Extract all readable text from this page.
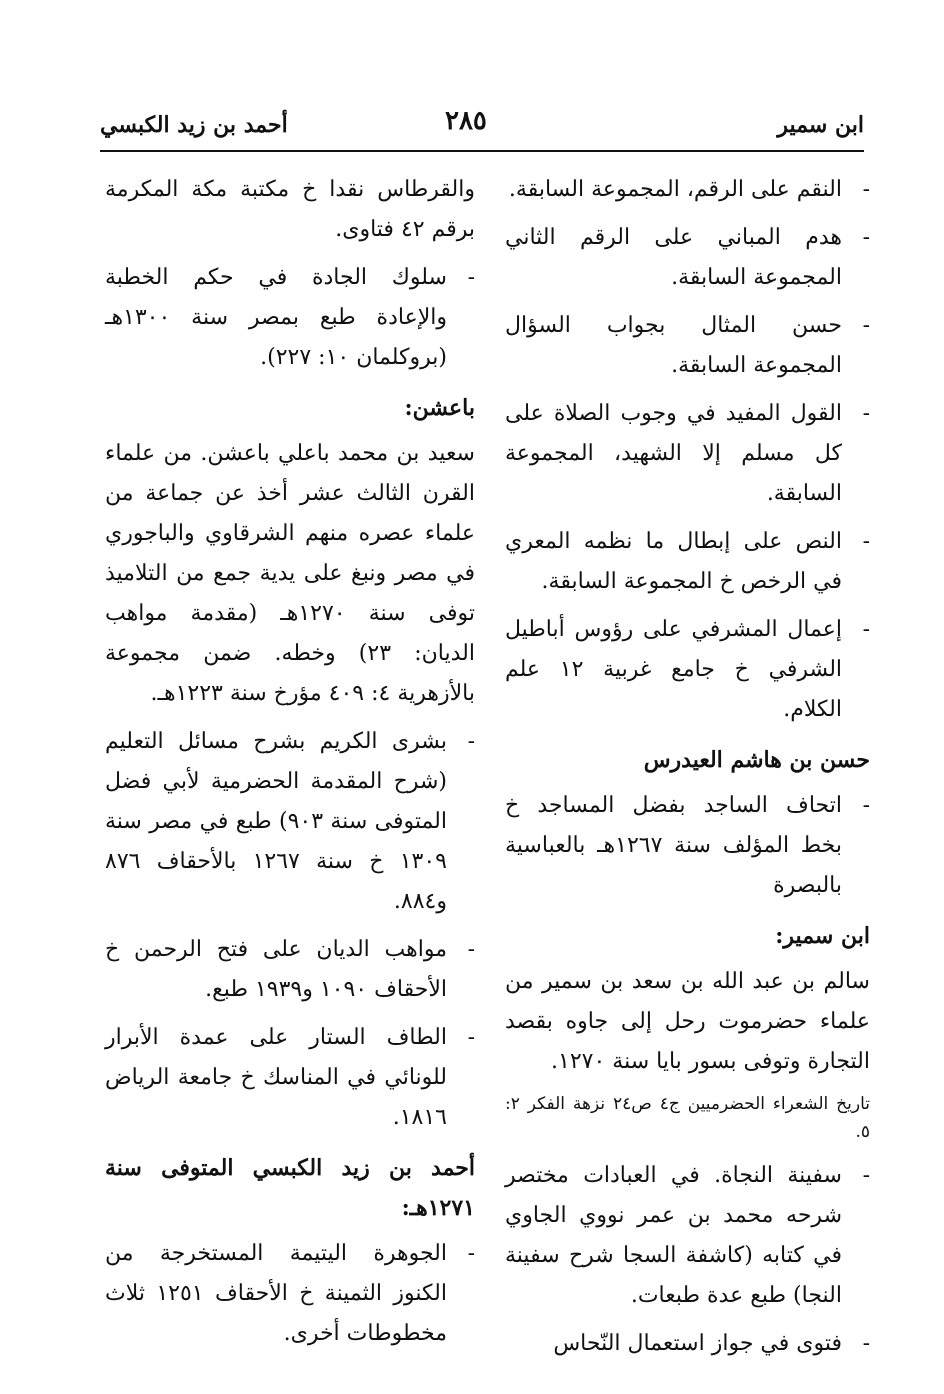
ابن سمير
٢٨٥
أحمد بن زيد الكبسي
-
النقم على الرقم، المجموعة السابقة.
-
هدم المباني على الرقم الثاني المجموعة السابقة.
-
حسن المثال بجواب السؤال المجموعة السابقة.
-
القول المفيد في وجوب الصلاة على كل مسلم إلا الشهيد، المجموعة السابقة.
-
النص على إبطال ما نظمه المعري في الرخص خ المجموعة السابقة.
-
إعمال المشرفي على رؤوس أباطيل الشرفي خ جامع غربية ١٢ علم الكلام.
حسن بن هاشم العيدرس
-
اتحاف الساجد بفضل المساجد خ بخط المؤلف سنة ١٢٦٧هـ بالعباسية بالبصرة
ابن سمير:
سالم بن عبد الله بن سعد بن سمير من علماء حضرموت رحل إلى جاوه بقصد التجارة وتوفى بسور بايا سنة ١٢٧٠.
تاريخ الشعراء الحضرميين ج٤ ص٢٤ نزهة الفكر ٢: ٥.
-
سفينة النجاة. في العبادات مختصر شرحه محمد بن عمر نووي الجاوي في كتابه (كاشفة السجا شرح سفينة النجا) طبع عدة طبعات.
-
فتوى في جواز استعمال النّحاس
والقرطاس نقدا خ مكتبة مكة المكرمة برقم ٤٢ فتاوى.
-
سلوك الجادة في حكم الخطبة والإعادة طبع بمصر سنة ١٣٠٠هـ (بروكلمان ١٠: ٢٢٧).
باعشن:
سعيد بن محمد باعلي باعشن. من علماء القرن الثالث عشر أخذ عن جماعة من علماء عصره منهم الشرقاوي والباجوري في مصر ونبغ على يدية جمع من التلاميذ توفى سنة ١٢٧٠هـ (مقدمة مواهب الديان: ٢٣) وخطه. ضمن مجموعة بالأزهرية ٤: ٤٠٩ مؤرخ سنة ١٢٢٣هـ.
-
بشرى الكريم بشرح مسائل التعليم (شرح المقدمة الحضرمية لأبي فضل المتوفى سنة ٩٠٣) طبع في مصر سنة ١٣٠٩ خ سنة ١٢٦٧ بالأحقاف ٨٧٦ و٨٨٤.
-
مواهب الديان على فتح الرحمن خ الأحقاف ١٠٩٠ و١٩٣٩ طبع.
-
الطاف الستار على عمدة الأبرار للونائي في المناسك خ جامعة الرياض ١٨١٦.
أحمد بن زيد الكبسي المتوفى سنة ١٢٧١هـ:
-
الجوهرة اليتيمة المستخرجة من الكنوز الثمينة خ الأحقاف ١٢٥١ ثلاث مخطوطات أخرى.
